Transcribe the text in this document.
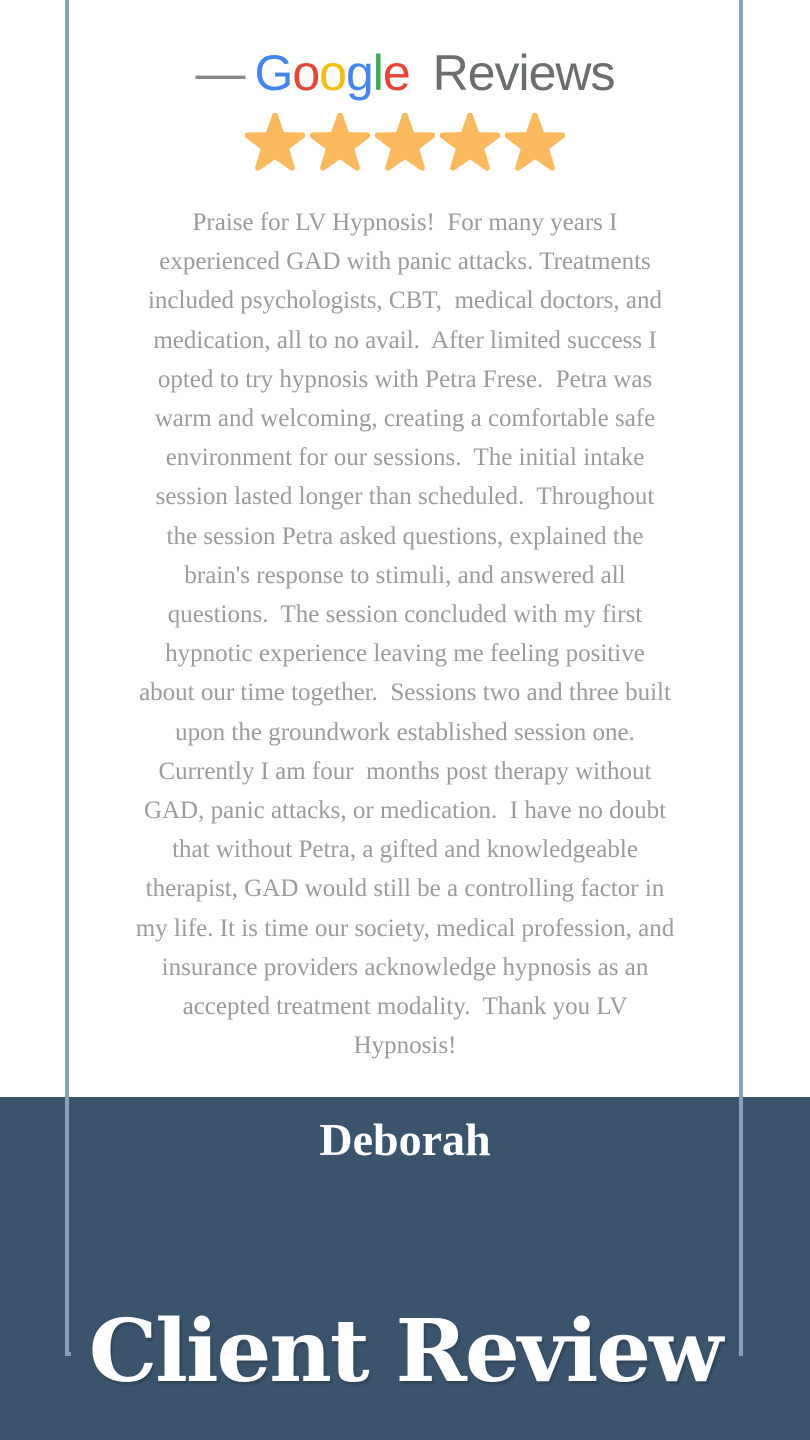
— Google Reviews
Praise for LV Hypnosis!  For many years I
experienced GAD with panic attacks. Treatments
included psychologists, CBT,  medical doctors, and
medication, all to no avail.  After limited success I
opted to try hypnosis with Petra Frese.  Petra was
warm and welcoming, creating a comfortable safe
environment for our sessions.  The initial intake
session lasted longer than scheduled.  Throughout
the session Petra asked questions, explained the
brain's response to stimuli, and answered all
questions.  The session concluded with my first
hypnotic experience leaving me feeling positive
about our time together.  Sessions two and three built
upon the groundwork established session one.
Currently I am four  months post therapy without
GAD, panic attacks, or medication.  I have no doubt
that without Petra, a gifted and knowledgeable
therapist, GAD would still be a controlling factor in
my life. It is time our society, medical profession, and
insurance providers acknowledge hypnosis as an
accepted treatment modality.  Thank you LV
Hypnosis!
Deborah
Client Review
